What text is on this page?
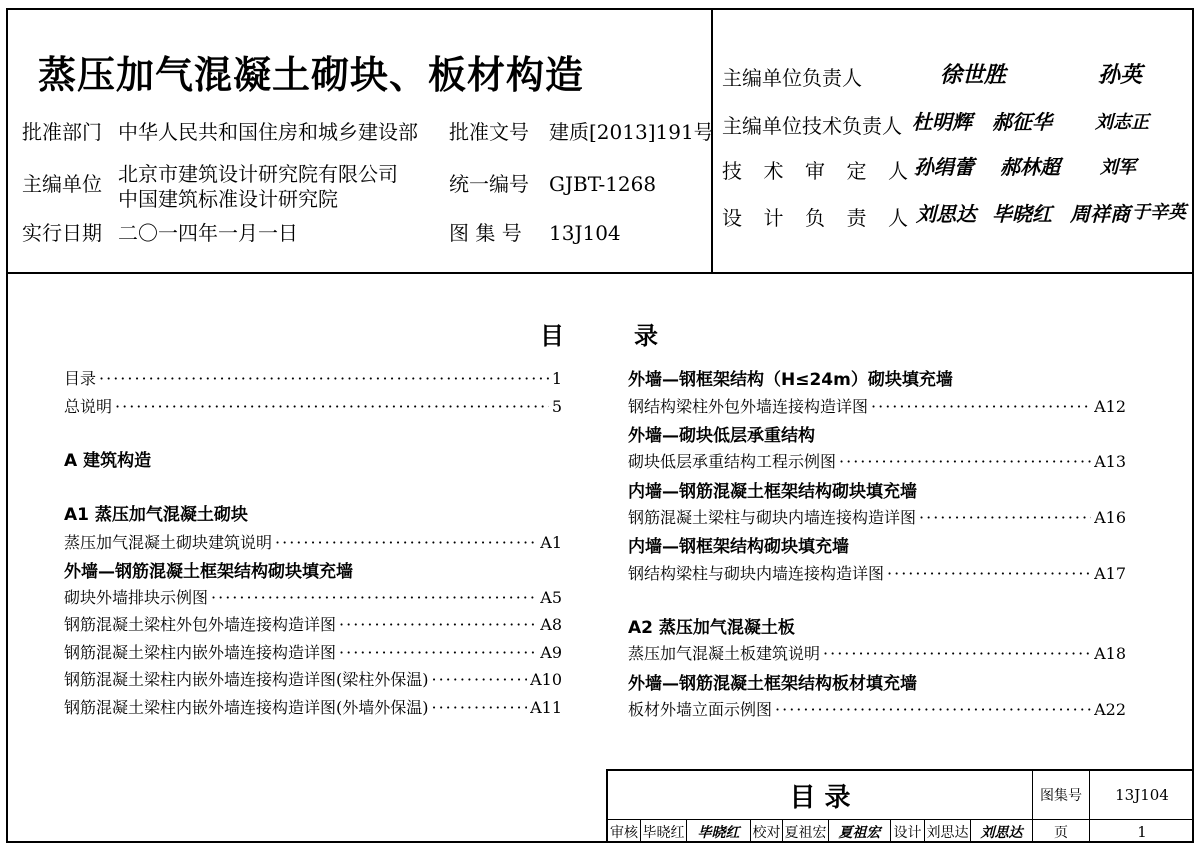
蒸压加气混凝土砌块、板材构造
批准部门 中华人民共和国住房和城乡建设部 批准文号 建质[2013]191号
主编单位 北京市建筑设计研究院有限公司
中国建筑标准设计研究院
统一编号 GJBT-1268
实行日期 二〇一四年一月一日	图 集 号 13J104
主编单位负责人	徐世胜	孙英
主编单位技术负责人 杜明辉 郝征华 刘志正
技 术 审 定 人 孙绢蕾 郝林超 刘军
设 计 负 责 人 刘思达 毕晓红 周祥商 于辛英
目录
目录 ·····	1
总说明 ·····	5
A 建筑构造
A1 蒸压加气混凝土砌块
蒸压加气混凝土砌块建筑说明 ·····	A1
外墙—钢筋混凝土框架结构砌块填充墙
砌块外墙排块示例图 ·····	A5
钢筋混凝土梁柱外包外墙连接构造详图 ·····	A8
钢筋混凝土梁柱内嵌外墙连接构造详图 ·····	A9
钢筋混凝土梁柱内嵌外墙连接构造详图(梁柱外保温) ·····	A10
钢筋混凝土梁柱内嵌外墙连接构造详图(外墙外保温) ·····	A11
外墙—钢框架结构（H≤24m）砌块填充墙
钢结构梁柱外包外墙连接构造详图 ·····	A12
外墙—砌块低层承重结构
砌块低层承重结构工程示例图 ·····	A13
内墙—钢筋混凝土框架结构砌块填充墙
钢筋混凝土梁柱与砌块内墙连接构造详图 ·····	A16
内墙—钢框架结构砌块填充墙
钢结构梁柱与砌块内墙连接构造详图 ·····	A17
A2 蒸压加气混凝土板
蒸压加气混凝土板建筑说明 ·····	A18
外墙—钢筋混凝土框架结构板材填充墙
板材外墙立面示例图 ·····	A22
目 录	图集号	13J104
审核 毕晓红 毕晓红 校对 夏祖宏 夏祖宏 设计 刘思达 刘思达	页	1
